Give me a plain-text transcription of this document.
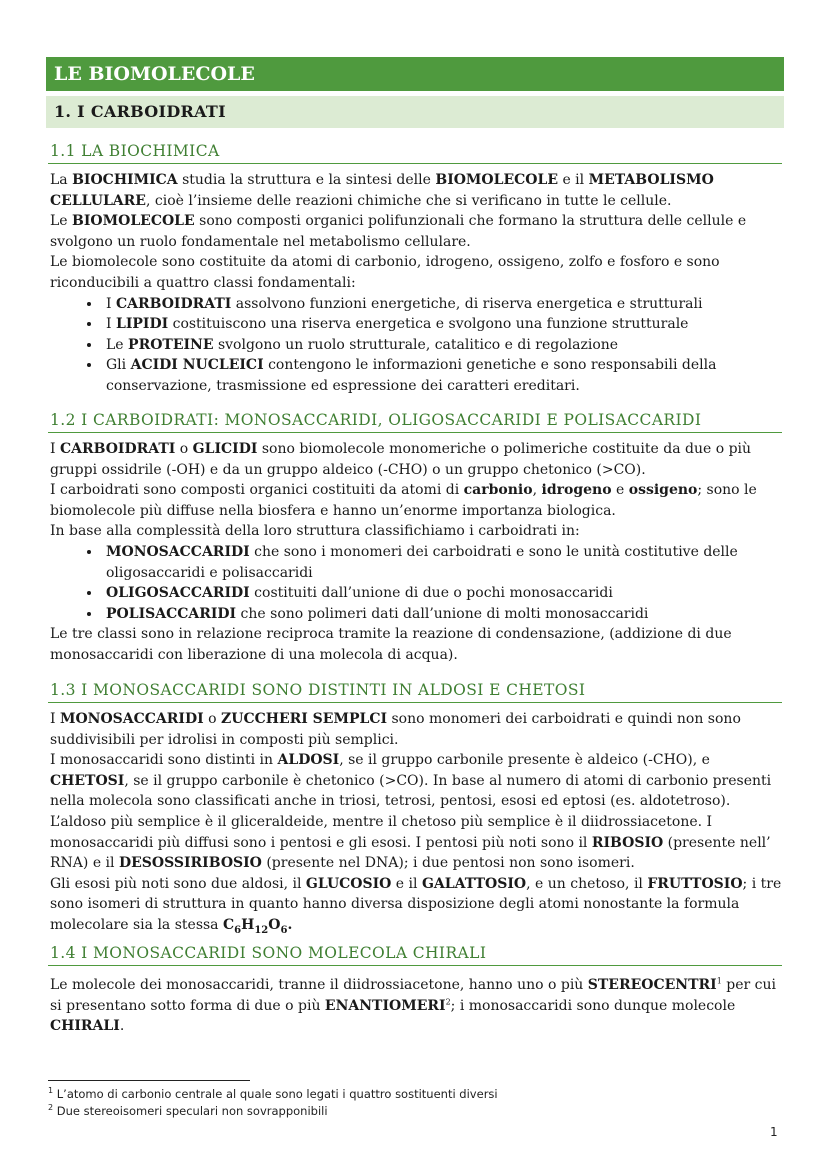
LE BIOMOLECOLE
1. I CARBOIDRATI
1.1 LA BIOCHIMICA

La BIOCHIMICA studia la struttura e la sintesi delle BIOMOLECOLE e il METABOLISMO CELLULARE, cioè l’insieme delle reazioni chimiche che si verificano in tutte le cellule.

Le BIOMOLECOLE sono composti organici polifunzionali che formano la struttura delle cellule e svolgono un ruolo fondamentale nel metabolismo cellulare.

Le biomolecole sono costituite da atomi di carbonio, idrogeno, ossigeno, zolfo e fosforo e sono riconducibili a quattro classi fondamentali:

• I CARBOIDRATI assolvono funzioni energetiche, di riserva energetica e strutturali
• I LIPIDI costituiscono una riserva energetica e svolgono una funzione strutturale
• Le PROTEINE svolgono un ruolo strutturale, catalitico e di regolazione
• Gli ACIDI NUCLEICI contengono le informazioni genetiche e sono responsabili della conservazione, trasmissione ed espressione dei caratteri ereditari.
1.2 I CARBOIDRATI: MONOSACCARIDI, OLIGOSACCARIDI E POLISACCARIDI

I CARBOIDRATI o GLICIDI sono biomolecole monomeriche o polimeriche costituite da due o più gruppi ossidrile (-OH) e da un gruppo aldeico (-CHO) o un gruppo chetonico (>CO).

I carboidrati sono composti organici costituiti da atomi di carbonio, idrogeno e ossigeno; sono le biomolecole più diffuse nella biosfera e hanno un’enorme importanza biologica.

In base alla complessità della loro struttura classifichiamo i carboidrati in:

• MONOSACCARIDI che sono i monomeri dei carboidrati e sono le unità costitutive delle oligosaccaridi e polisaccaridi
• OLIGOSACCARIDI costituiti dall’unione di due o pochi monosaccaridi
• POLISACCARIDI che sono polimeri dati dall’unione di molti monosaccaridi

Le tre classi sono in relazione reciproca tramite la reazione di condensazione, (addizione di due monosaccaridi con liberazione di una molecola di acqua).

1.3 I MONOSACCARIDI SONO DISTINTI IN ALDOSI E CHETOSI

I MONOSACCARIDI o ZUCCHERI SEMPLCI sono monomeri dei carboidrati e quindi non sono suddivisibili per idrolisi in composti più semplici.

I monosaccaridi sono distinti in ALDOSI, se il gruppo carbonile presente è aldeico (-CHO), e CHETOSI, se il gruppo carbonile è chetonico (>CO). In base al numero di atomi di carbonio presenti nella molecola sono classificati anche in triosi, tetrosi, pentosi, esosi ed eptosi (es. aldotetroso).

L’aldoso più semplice è il gliceraldeide, mentre il chetoso più semplice è il diidrossiacetone. I monosaccaridi più diffusi sono i pentosi e gli esosi. I pentosi più noti sono il RIBOSIO (presente nell’ RNA) e il DESOSSIRIBOSIO (presente nel DNA); i due pentosi non sono isomeri.

Gli esosi più noti sono due aldosi, il GLUCOSIO e il GALATTOSIO, e un chetoso, il FRUTTOSIO; i tre sono isomeri di struttura in quanto hanno diversa disposizione degli atomi nonostante la formula molecolare sia la stessa $C_6H_{12}O_6$.

1.4 I MONOSACCARIDI SONO MOLECOLA CHIRALI

Le molecole dei monosaccaridi, tranne il diidrossiacetone, hanno uno o più STEREOCENTRI$^1$ per cui si presentano sotto forma di due o più ENANTIOMERI$^2$; i monosaccaridi sono dunque molecole CHIRALI.

$^1$ L’atomo di carbonio centrale al quale sono legati i quattro sostituenti diversi
$^2$ Due stereoisomeri speculari non sovrapponibili
1
